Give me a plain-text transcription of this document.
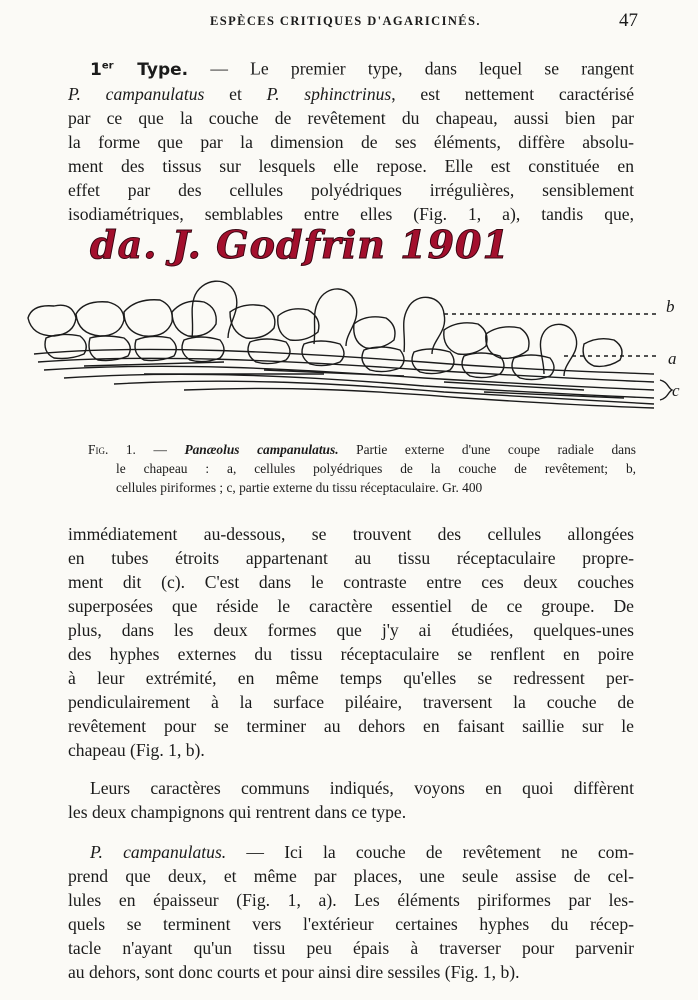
ESPÈCES CRITIQUES D'AGARICINÉS.	47
1er Type. — Le premier type, dans lequel se rangent
P. campanulatus et P. sphinctrinus, est nettement caractérisé
par ce que la couche de revêtement du chapeau, aussi bien par
la forme que par la dimension de ses éléments, diffère absolu-
ment des tissus sur lesquels elle repose. Elle est constituée en
effet par des cellules polyédriques irrégulières, sensiblement
isodiamétriques, semblables entre elles (Fig. 1, a), tandis que,
da. J. Godfrin 1901
b
a
c
Fig. 1. — Panæolus campanulatus. Partie externe d'une coupe radiale dans
le chapeau : a, cellules polyédriques de la couche de revêtement; b,
cellules piriformes ; c, partie externe du tissu réceptaculaire. Gr. 400
immédiatement au-dessous, se trouvent des cellules allongées
en tubes étroits appartenant au tissu réceptaculaire propre-
ment dit (c). C'est dans le contraste entre ces deux couches
superposées que réside le caractère essentiel de ce groupe. De
plus, dans les deux formes que j'y ai étudiées, quelques-unes
des hyphes externes du tissu réceptaculaire se renflent en poire
à leur extrémité, en même temps qu'elles se redressent per-
pendiculairement à la surface piléaire, traversent la couche de
revêtement pour se terminer au dehors en faisant saillie sur le
chapeau (Fig. 1, b).
Leurs caractères communs indiqués, voyons en quoi diffèrent
les deux champignons qui rentrent dans ce type.
P. campanulatus. — Ici la couche de revêtement ne com-
prend que deux, et même par places, une seule assise de cel-
lules en épaisseur (Fig. 1, a). Les éléments piriformes par les-
quels se terminent vers l'extérieur certaines hyphes du récep-
tacle n'ayant qu'un tissu peu épais à traverser pour parvenir
au dehors, sont donc courts et pour ainsi dire sessiles (Fig. 1, b).
